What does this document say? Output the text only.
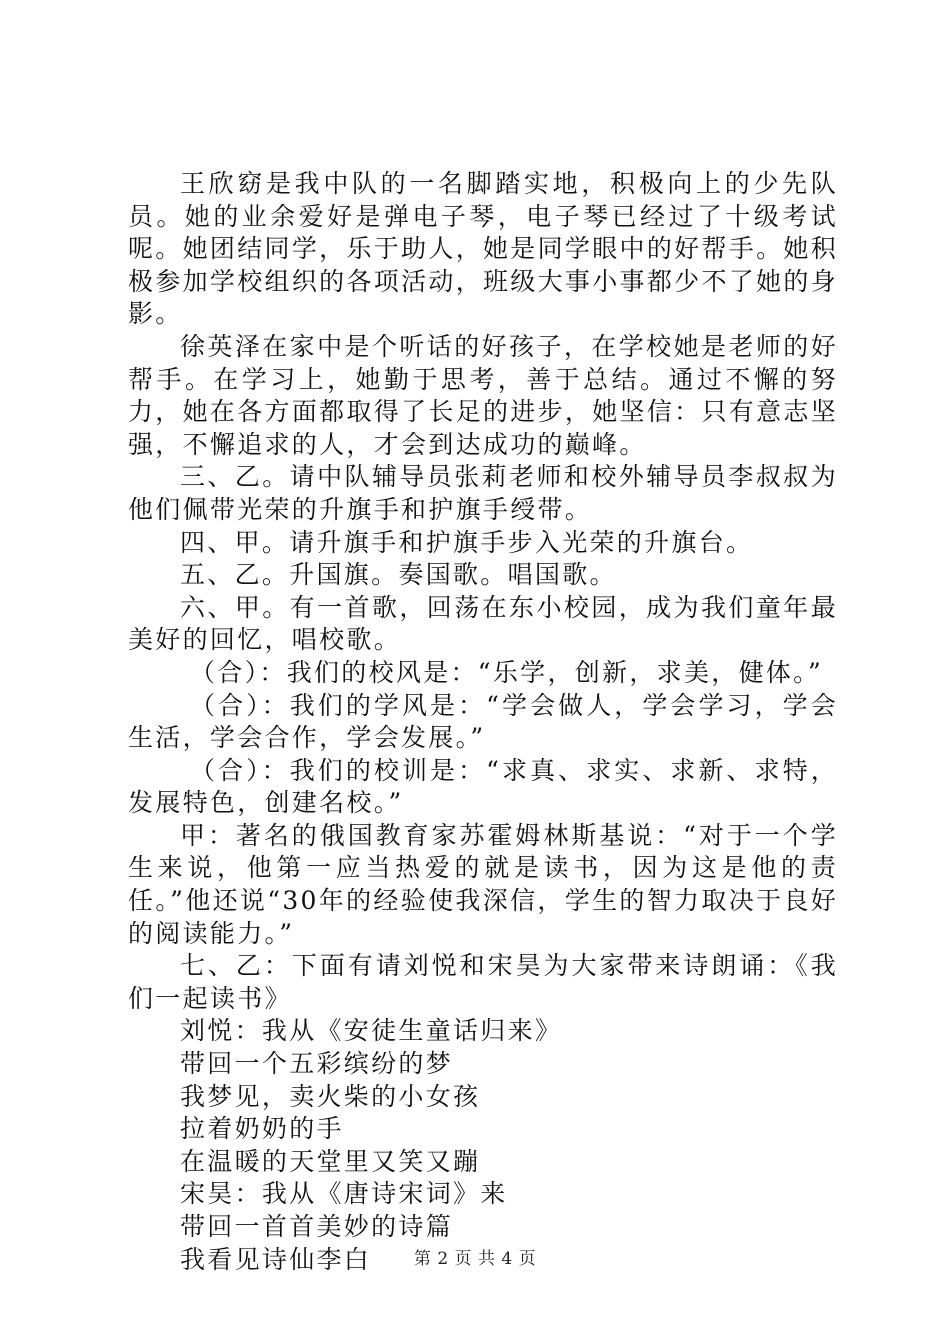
王欣窈是我中队的一名脚踏实地，积极向上的少先队员。她的业余爱好是弹电子琴，电子琴已经过了十级考试呢。她团结同学，乐于助人，她是同学眼中的好帮手。她积极参加学校组织的各项活动，班级大事小事都少不了她的身影。

徐英泽在家中是个听话的好孩子，在学校她是老师的好帮手。在学习上，她勤于思考，善于总结。通过不懈的努力，她在各方面都取得了长足的进步，她坚信：只有意志坚强，不懈追求的人，才会到达成功的巅峰。

三、乙。请中队辅导员张莉老师和校外辅导员李叔叔为他们佩带光荣的升旗手和护旗手绶带。

四、甲。请升旗手和护旗手步入光荣的升旗台。

五、乙。升国旗。奏国歌。唱国歌。

六、甲。有一首歌，回荡在东小校园，成为我们童年最美好的回忆，唱校歌。

（合）：我们的校风是：“乐学，创新，求美，健体。”

（合）：我们的学风是：“学会做人，学会学习，学会生活，学会合作，学会发展。”

（合）：我们的校训是：“求真、求实、求新、求特，发展特色，创建名校。”

甲：著名的俄国教育家苏霍姆林斯基说：“对于一个学生来说，他第一应当热爱的就是读书，因为这是他的责任。”他还说“30年的经验使我深信，学生的智力取决于良好的阅读能力。”

七、乙：下面有请刘悦和宋昊为大家带来诗朗诵：《我们一起读书》

刘悦：我从《安徒生童话归来》

带回一个五彩缤纷的梦

我梦见，卖火柴的小女孩

拉着奶奶的手

在温暖的天堂里又笑又蹦

宋昊：我从《唐诗宋词》来

带回一首首美妙的诗篇

我看见诗仙李白	第 2 页 共 4 页
